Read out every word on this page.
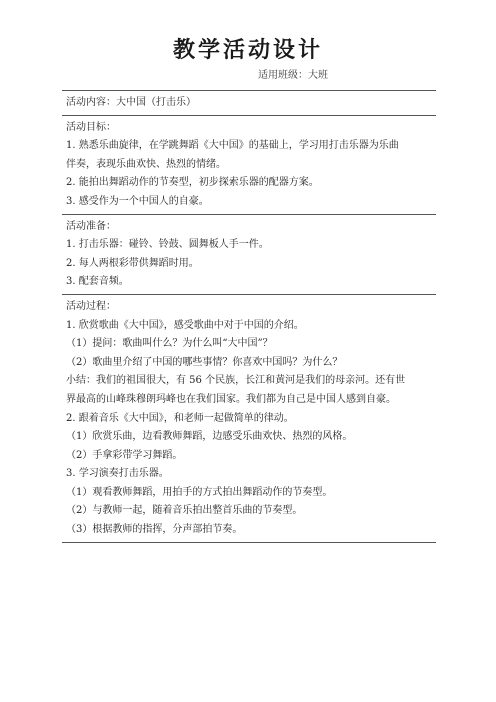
教学活动设计
适用班级：大班
活动内容：大中国（打击乐）
活动目标：
1. 熟悉乐曲旋律，在学跳舞蹈《大中国》的基础上，学习用打击乐器为乐曲
伴奏，表现乐曲欢快、热烈的情绪。
2. 能拍出舞蹈动作的节奏型，初步探索乐器的配器方案。
3. 感受作为一个中国人的自豪。
活动准备：
1. 打击乐器：碰铃、铃鼓、圆舞板人手一件。
2. 每人两根彩带供舞蹈时用。
3. 配套音频。
活动过程：
1. 欣赏歌曲《大中国》，感受歌曲中对于中国的介绍。
（1）提问：歌曲叫什么？为什么叫“大中国”？
（2）歌曲里介绍了中国的哪些事情？你喜欢中国吗？为什么？
小结：我们的祖国很大，有 56 个民族，长江和黄河是我们的母亲河。还有世
界最高的山峰珠穆朗玛峰也在我们国家。我们都为自己是中国人感到自豪。
2. 跟着音乐《大中国》，和老师一起做简单的律动。
（1）欣赏乐曲，边看教师舞蹈，边感受乐曲欢快、热烈的风格。
（2）手拿彩带学习舞蹈。
3. 学习演奏打击乐器。
（1）观看教师舞蹈，用拍手的方式拍出舞蹈动作的节奏型。
（2）与教师一起，随着音乐拍出整首乐曲的节奏型。
（3）根据教师的指挥，分声部拍节奏。
